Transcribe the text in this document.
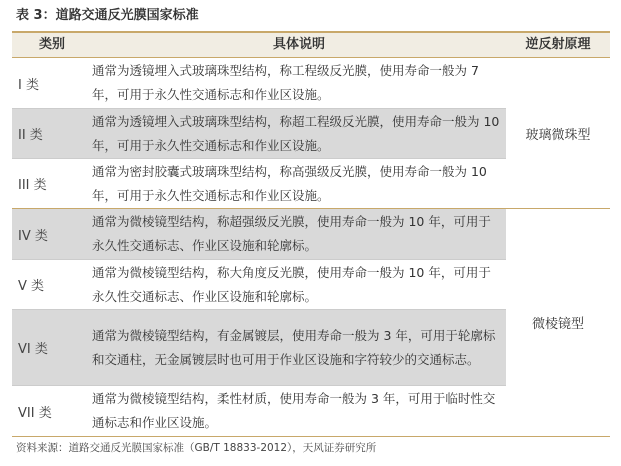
表 3：道路交通反光膜国家标准
类别	具体说明	逆反射原理
I 类
通常为透镜埋入式玻璃珠型结构，称工程级反光膜，使用寿命一般为 7 年，可用于永久性交通标志和作业区设施。
II 类
通常为透镜埋入式玻璃珠型结构，称超工程级反光膜，使用寿命一般为 10 年，可用于永久性交通标志和作业区设施。
III 类
通常为密封胶囊式玻璃珠型结构，称高强级反光膜，使用寿命一般为 10 年，可用于永久性交通标志和作业区设施。
IV 类
通常为微棱镜型结构，称超强级反光膜，使用寿命一般为 10 年，可用于永久性交通标志、作业区设施和轮廓标。
V 类
通常为微棱镜型结构，称大角度反光膜，使用寿命一般为 10 年，可用于永久性交通标志、作业区设施和轮廓标。
VI 类
通常为微棱镜型结构，有金属镀层，使用寿命一般为 3 年，可用于轮廓标和交通柱，无金属镀层时也可用于作业区设施和字符较少的交通标志。
VII 类
通常为微棱镜型结构，柔性材质，使用寿命一般为 3 年，可用于临时性交通标志和作业区设施。
玻璃微珠型
微棱镜型
资料来源：道路交通反光膜国家标准（GB/T 18833-2012），天风证券研究所
